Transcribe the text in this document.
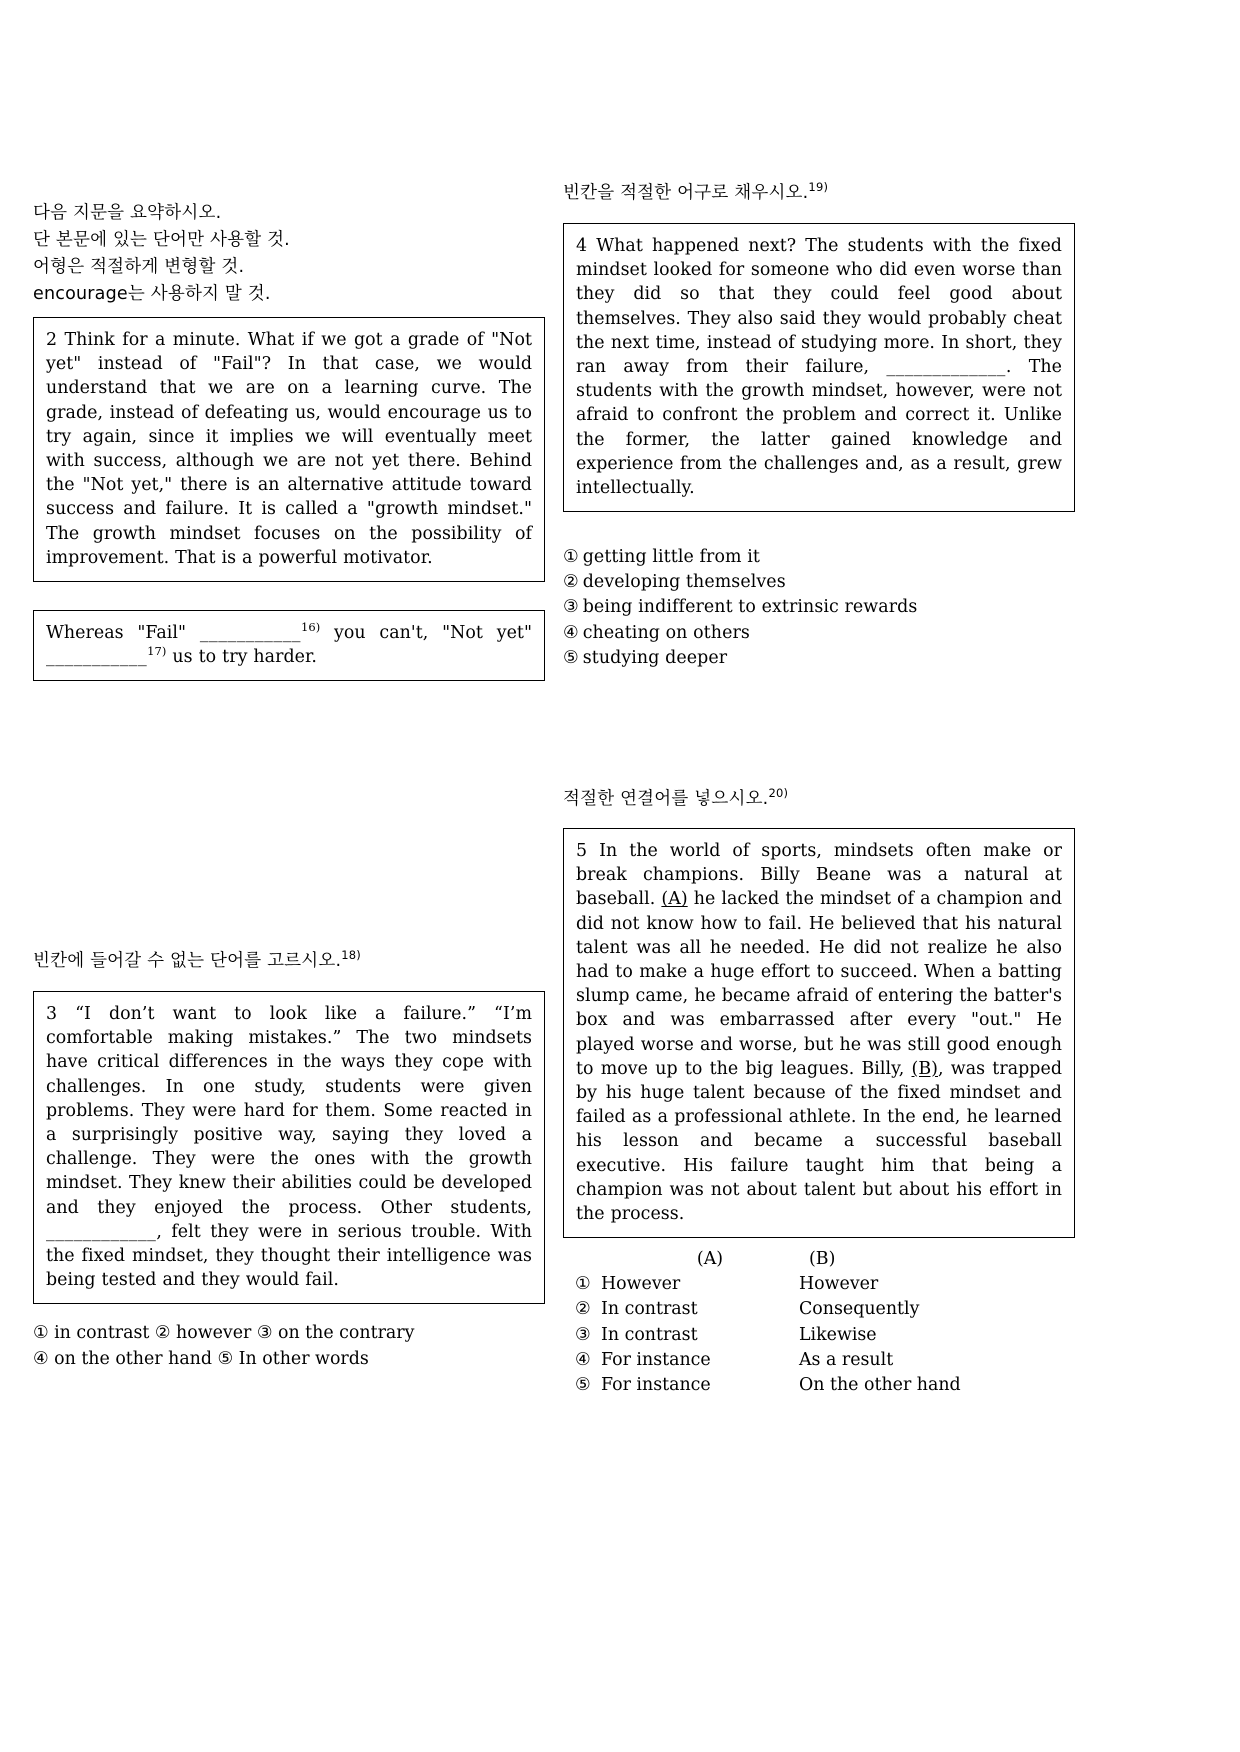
다음 지문을 요약하시오.
단 본문에 있는 단어만 사용할 것.
어형은 적절하게 변형할 것.
encourage는 사용하지 말 것.

2 Think for a minute. What if we got a grade of "Not yet" instead of "Fail"? In that case, we would understand that we are on a learning curve. The grade, instead of defeating us, would encourage us to try again, since it implies we will eventually meet with success, although we are not yet there. Behind the "Not yet," there is an alternative attitude toward success and failure. It is called a "growth mindset." The growth mindset focuses on the possibility of improvement. That is a powerful motivator.

Whereas "Fail" ___________$^{16)}$ you can't, "Not yet" ___________$^{17)}$ us to try harder.

빈칸에 들어갈 수 없는 단어를 고르시오.$^{18)}$

3 “I don’t want to look like a failure.” “I’m comfortable making mistakes.” The two mindsets have critical differences in the ways they cope with challenges. In one study, students were given problems. They were hard for them. Some reacted in a surprisingly positive way, saying they loved a challenge. They were the ones with the growth mindset. They knew their abilities could be developed and they enjoyed the process. Other students, ____________, felt they were in serious trouble. With the fixed mindset, they thought their intelligence was being tested and they would fail.

① in contrast ② however ③ on the contrary
④ on the other hand ⑤ In other words
빈칸을 적절한 어구로 채우시오.$^{19)}$

4 What happened next? The students with the fixed mindset looked for someone who did even worse than they did so that they could feel good about themselves. They also said they would probably cheat the next time, instead of studying more. In short, they ran away from their failure, _____________. The students with the growth mindset, however, were not afraid to confront the problem and correct it. Unlike the former, the latter gained knowledge and experience from the challenges and, as a result, grew intellectually.

① getting little from it
② developing themselves
③ being indifferent to extrinsic rewards
④ cheating on others
⑤ studying deeper
적절한 연결어를 넣으시오.$^{20)}$

5 In the world of sports, mindsets often make or break champions. Billy Beane was a natural at baseball. (A) he lacked the mindset of a champion and did not know how to fail. He believed that his natural talent was all he needed. He did not realize he also had to make a huge effort to succeed. When a batting slump came, he became afraid of entering the batter's box and was embarrassed after every "out." He played worse and worse, but he was still good enough to move up to the big leagues. Billy, (B), was trapped by his huge talent because of the fixed mindset and failed as a professional athlete. In the end, he learned his lesson and became a successful baseball executive. His failure taught him that being a champion was not about talent but about his effort in the process.

(A)	(B)
① However	However
② In contrast	Consequently
③ In contrast	Likewise
④ For instance	As a result
⑤ For instance	On the other hand
